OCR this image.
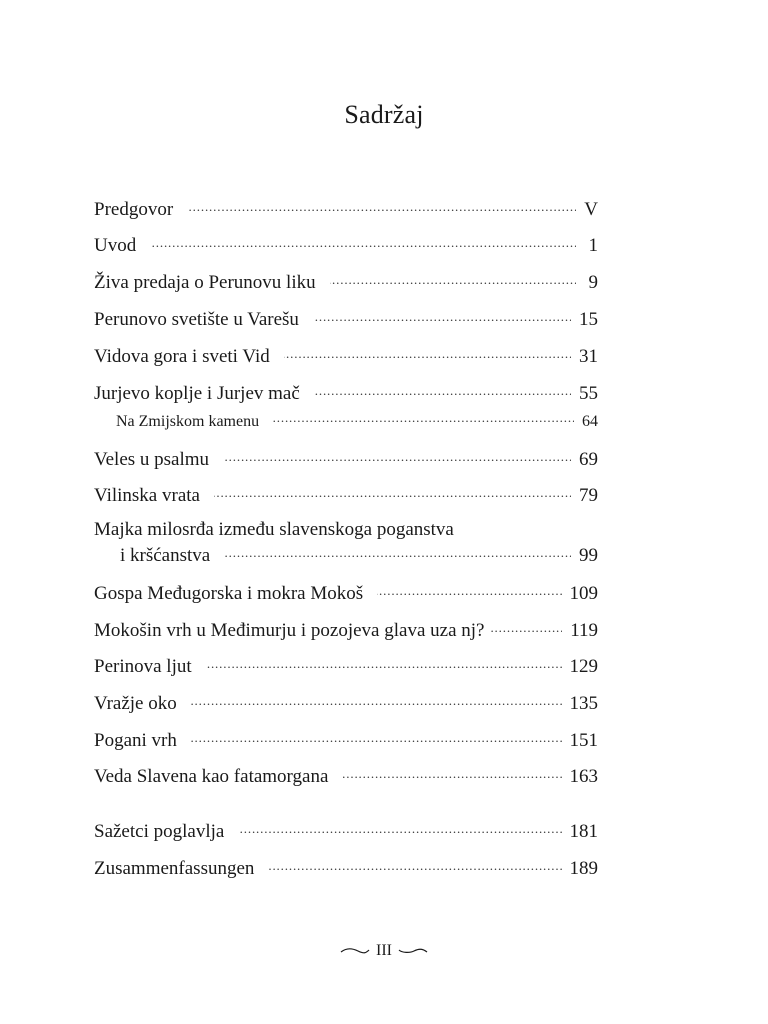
Sadržaj
Predgovor . . .	V
Uvod . . .	1
Živa predaja o Perunovu liku . . .	9
Perunovo svetište u Varešu . . .	15
Vidova gora i sveti Vid . . .	31
Jurjevo koplje i Jurjev mač . . .	55
Na Zmijskom kamenu . . .	64
Veles u psalmu . . .	69
Vilinska vrata . . .	79
Majka milosrđa između slavenskoga poganstva
i kršćanstva . . .	99
Gospa Međugorska i mokra Mokoš . . .	109
Mokošin vrh u Međimurju i pozojeva glava uza nj? . . .	119
Perinova ljut . . .	129
Vražje oko . . .	135
Pogani vrh . . .	151
Veda Slavena kao fatamorgana . . .	163
Sažetci poglavlja . . .	181
Zusammenfassungen . . .	189
III
